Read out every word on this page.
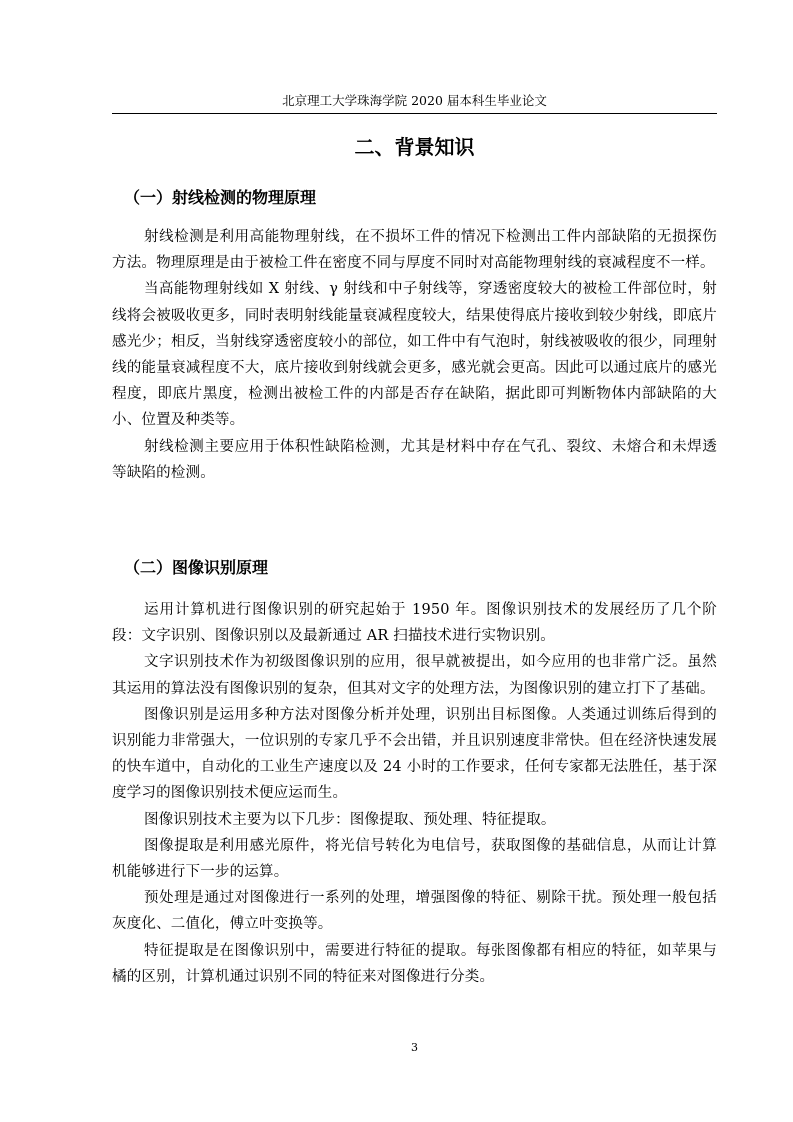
北京理工大学珠海学院 2020 届本科生毕业论文
二、背景知识
（一）射线检测的物理原理

射线检测是利用高能物理射线，在不损坏工件的情况下检测出工件内部缺陷的无损探伤方法。物理原理是由于被检工件在密度不同与厚度不同时对高能物理射线的衰减程度不一样。

当高能物理射线如 X 射线、γ 射线和中子射线等，穿透密度较大的被检工件部位时，射线将会被吸收更多，同时表明射线能量衰减程度较大，结果使得底片接收到较少射线，即底片感光少；相反，当射线穿透密度较小的部位，如工件中有气泡时，射线被吸收的很少，同理射线的能量衰减程度不大，底片接收到射线就会更多，感光就会更高。因此可以通过底片的感光程度，即底片黑度，检测出被检工件的内部是否存在缺陷，据此即可判断物体内部缺陷的大小、位置及种类等。

射线检测主要应用于体积性缺陷检测，尤其是材料中存在气孔、裂纹、未熔合和未焊透等缺陷的检测。

（二）图像识别原理

运用计算机进行图像识别的研究起始于 1950 年。图像识别技术的发展经历了几个阶段：文字识别、图像识别以及最新通过 AR 扫描技术进行实物识别。

文字识别技术作为初级图像识别的应用，很早就被提出，如今应用的也非常广泛。虽然其运用的算法没有图像识别的复杂，但其对文字的处理方法，为图像识别的建立打下了基础。

图像识别是运用多种方法对图像分析并处理，识别出目标图像。人类通过训练后得到的识别能力非常强大，一位识别的专家几乎不会出错，并且识别速度非常快。但在经济快速发展的快车道中，自动化的工业生产速度以及 24 小时的工作要求，任何专家都无法胜任，基于深度学习的图像识别技术便应运而生。

图像识别技术主要为以下几步：图像提取、预处理、特征提取。

图像提取是利用感光原件，将光信号转化为电信号，获取图像的基础信息，从而让计算机能够进行下一步的运算。

预处理是通过对图像进行一系列的处理，增强图像的特征、剔除干扰。预处理一般包括灰度化、二值化，傅立叶变换等。

特征提取是在图像识别中，需要进行特征的提取。每张图像都有相应的特征，如苹果与橘的区别，计算机通过识别不同的特征来对图像进行分类。

3
